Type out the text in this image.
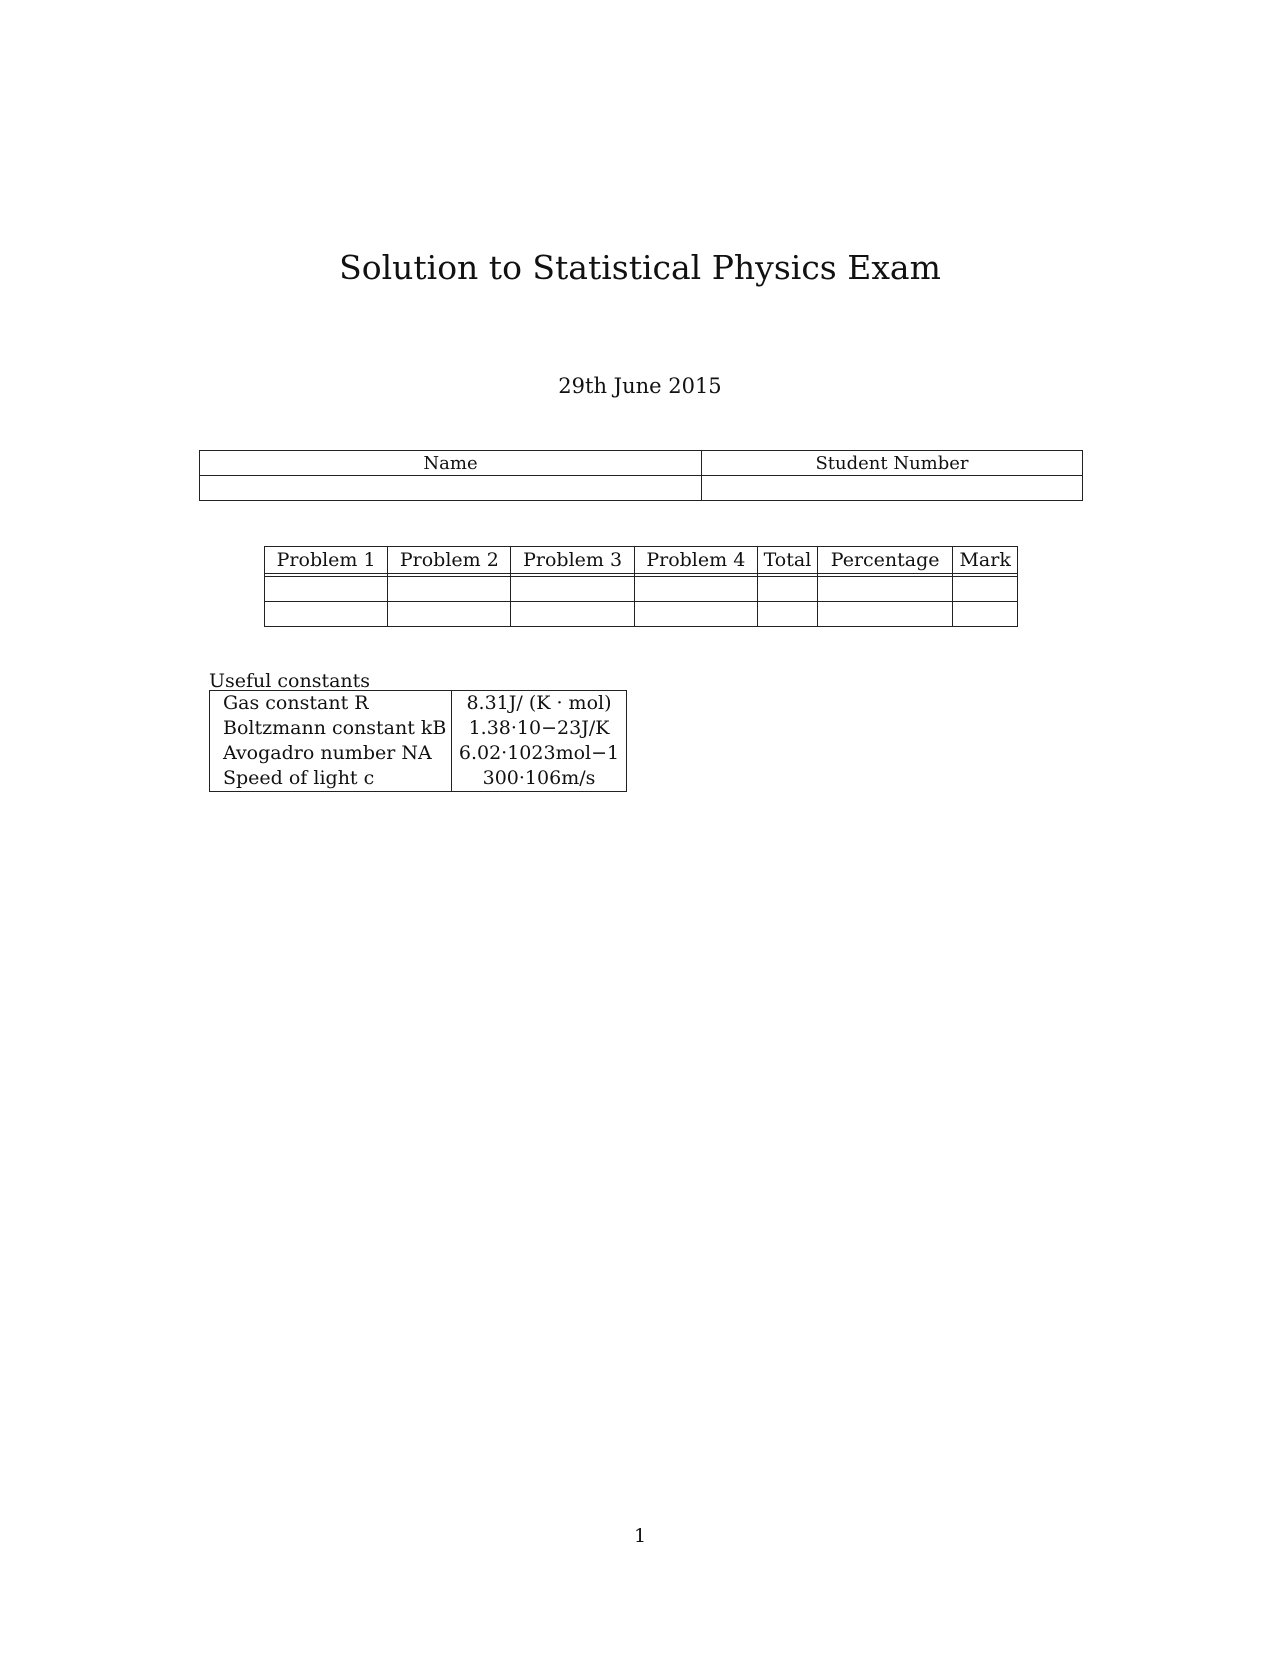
Solution to Statistical Physics Exam
29th June 2015
Name	Student Number

Problem 1	Problem 2	Problem 3	Problem 4	Total	Percentage	Mark

Useful constants
Gas constant R	8.31J/ (K · mol)
Boltzmann constant kB	1.38·10−23J/K
Avogadro number NA	6.02·1023mol−1
Speed of light c	300·106m/s
1
